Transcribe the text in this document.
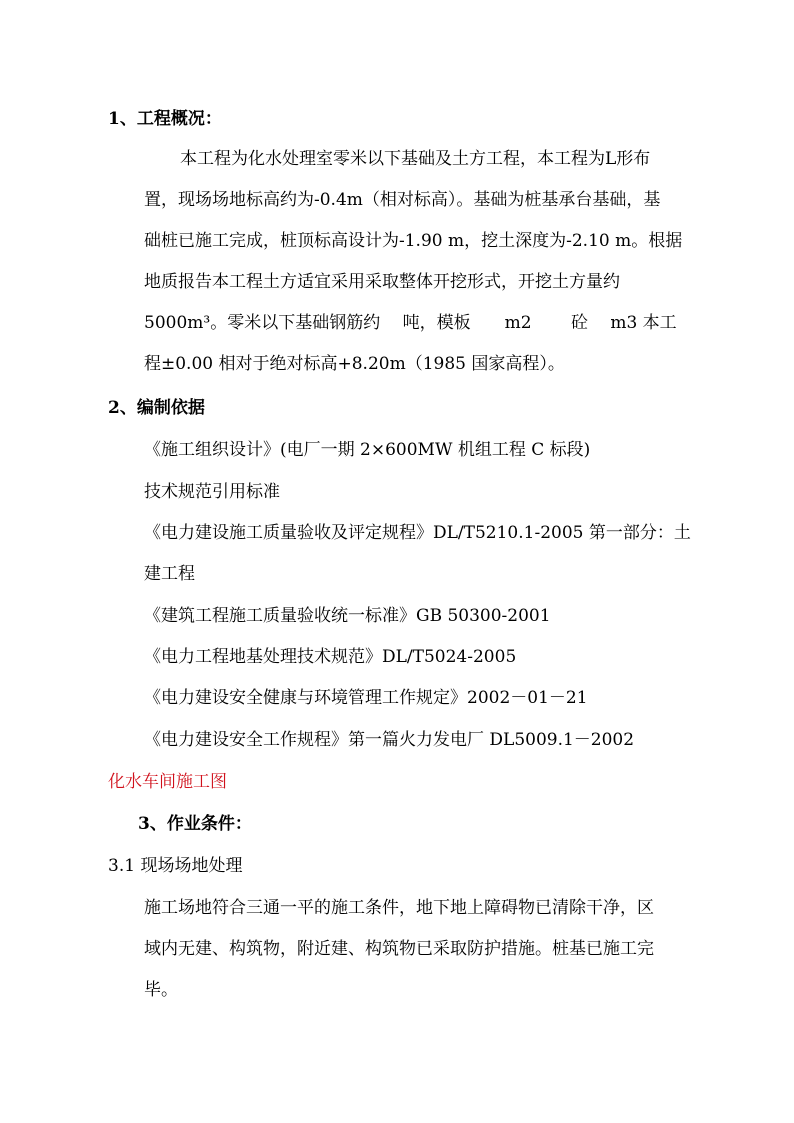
1、工程概况：
本工程为化水处理室零米以下基础及土方工程，本工程为L形布
置，现场场地标高约为-0.4m（相对标高）。基础为桩基承台基础，基
础桩已施工完成，桩顶标高设计为-1.90 m，挖土深度为-2.10 m。根据
地质报告本工程土方适宜采用采取整体开挖形式，开挖土方量约
5000m³。零米以下基础钢筋约　 吨，模板　　m2　　 砼　 m3 本工
程±0.00 相对于绝对标高+8.20m（1985 国家高程）。
2、编制依据
《施工组织设计》(电厂一期 2×600MW 机组工程 C 标段)
技术规范引用标准
《电力建设施工质量验收及评定规程》DL/T5210.1-2005 第一部分：土
建工程
《建筑工程施工质量验收统一标准》GB 50300-2001
《电力工程地基处理技术规范》DL/T5024-2005
《电力建设安全健康与环境管理工作规定》2002－01－21
《电力建设安全工作规程》第一篇火力发电厂 DL5009.1－2002
化水车间施工图
3、作业条件：
3.1 现场场地处理
施工场地符合三通一平的施工条件，地下地上障碍物已清除干净，区
域内无建、构筑物，附近建、构筑物已采取防护措施。桩基已施工完
毕。
